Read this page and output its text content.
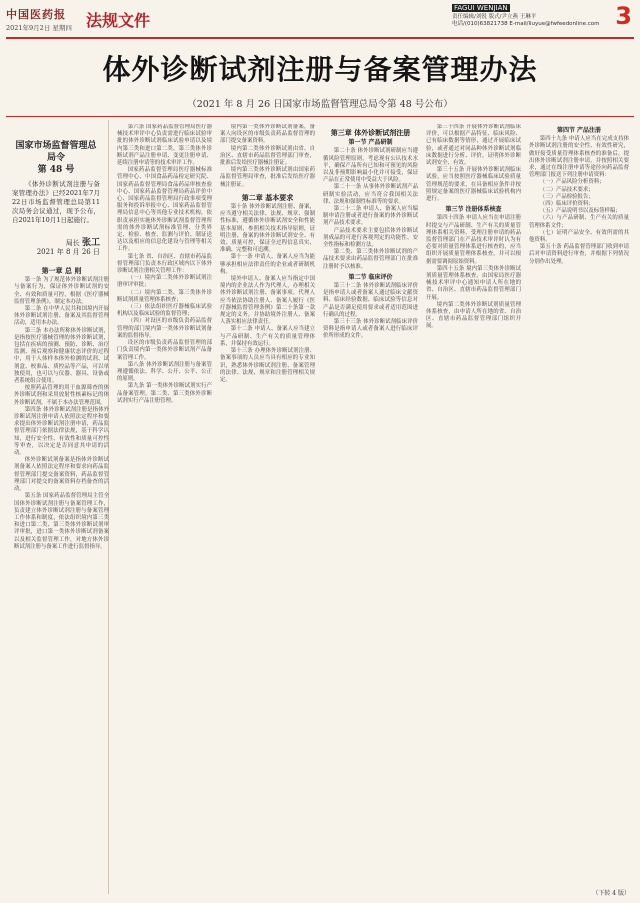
中国医药报
2021年9月2日 星期四 法规文件
FAGUI WENJIAN
责任编辑/刘锐 版式/尹立燕 王琳平
电话/(010)63821738 E-mail/liuyue@fwfeedonline.com 3
体外诊断试剂注册与备案管理办法
（2021 年 8 月 26 日国家市场监督管理总局令第 48 号公布）
国家市场监督管理总局令
第 48 号
《体外诊断试剂注册与备案管理办法》已经2021年7月22日市场监督管理总局第11次局务会议通过，现予公布，自2021年10月1日起施行。
局长 张工
2021 年 8 月 26 日
第一章 总 则

第一条 为了规范体外诊断试剂注册与备案行为，保证体外诊断试剂的安全、有效和质量可控，根据《医疗器械监督管理条例》，制定本办法。

第二条 在中华人民共和国境内开展体外诊断试剂注册、备案及其监督管理活动，适用本办法。

第三条 本办法所称体外诊断试剂，是指按医疗器械管理的体外诊断试剂，包括在疾病的预测、预防、诊断、治疗监测、预后观察和健康状态评价的过程中，用于人体样本体外检测的试剂、试剂盒、校准品、质控品等产品，可以单独使用，也可以与仪器、器具、设备或者系统组合使用。

按照药品管理的用于血源筛查的体外诊断试剂和采用放射性核素标记的体外诊断试剂，不属于本办法管理范围。

第四条 体外诊断试剂注册是指体外诊断试剂注册申请人依照法定程序和要求提出体外诊断试剂注册申请，药品监督管理部门依据法律法规，基于科学认知，进行安全性、有效性和质量可控性等审查，以决定是否同意其申请的活动。

体外诊断试剂备案是指体外诊断试剂备案人依照法定程序和要求向药品监督管理部门提交备案资料，药品监督管理部门对提交的备案资料存档备查的活动。

第五条 国家药品监督管理局主管全国体外诊断试剂注册与备案管理工作，负责建立体外诊断试剂注册与备案管理工作体系和制度，依法组织境内第三类和进口第二类、第三类体外诊断试剂审评审批，进口第一类体外诊断试剂备案以及相关监督管理工作，对地方体外诊断试剂注册与备案工作进行监督指导。

第六条 国家药品监督管理局医疗器械技术审评中心负责需进行临床试验审批的体外诊断试剂临床试验申请以及境内第三类和进口第二类、第三类体外诊断试剂产品注册申请、变更注册申请、延续注册申请等的技术审评工作。

国家药品监督管理局医疗器械标准管理中心、中国食品药品检定研究院、国家药品监督管理局食品药品审核查验中心、国家药品监督管理局药品评价中心、国家药品监督管理局行政事项受理服务和投诉举报中心、国家药品监督管理局信息中心等其他专业技术机构，依职责承担实施体外诊断试剂监督管理所需的体外诊断试剂标准管理、分类界定、检验、核查、监测与评价、制证送达以及相应的信息化建设与管理等相关工作。

第七条 省、自治区、直辖市药品监督管理部门负责本行政区域内以下体外诊断试剂注册相关管理工作：

（一）境内第二类体外诊断试剂注册审评审批；

（二）境内第二类、第三类体外诊断试剂质量管理体系核查；

（三）依法组织医疗器械临床试验机构以及临床试验的监督管理；

（四）对设区的市级负责药品监督管理的部门境内第一类体外诊断试剂备案的监督指导。

设区的市级负责药品监督管理的部门负责境内第一类体外诊断试剂产品备案管理工作。

第八条 体外诊断试剂注册与备案管理遵循依法、科学、公开、公平、公正的原则。

第九条 第一类体外诊断试剂实行产品备案管理。第二类、第三类体外诊断试剂实行产品注册管理。

境内第一类体外诊断试剂备案，备案人向设区的市级负责药品监督管理的部门提交备案资料。

境内第二类体外诊断试剂由省、自治区、直辖市药品监督管理部门审查，批准后发给医疗器械注册证。

境内第三类体外诊断试剂由国家药品监督管理局审查，批准后发给医疗器械注册证。

第二章 基本要求

第十条 体外诊断试剂注册、备案，应当遵守相关法律、法规、规章、强制性标准，遵循体外诊断试剂安全和性能基本原则，参照相关技术指导原则，证明注册、备案的体外诊断试剂安全、有效、质量可控，保证全过程信息真实、准确、完整和可追溯。

第十一条 申请人、备案人应当为能够承担相应法律责任的企业或者研制机构。

境外申请人、备案人应当指定中国境内的企业法人作为代理人，办理相关体外诊断试剂注册、备案事项。代理人应当依法协助注册人、备案人履行《医疗器械监督管理条例》第二十条第一款规定的义务，并协助境外注册人、备案人落实相应法律责任。

第十二条 申请人、备案人应当建立与产品研制、生产有关的质量管理体系，并保持有效运行。

第十三条 办理体外诊断试剂注册、备案事项的人员应当具有相应的专业知识，熟悉体外诊断试剂注册、备案管理的法律、法规、规章和注册管理相关规定。

第三章 体外诊断试剂注册
第一节 产品研制

第二十条 体外诊断试剂研制应当遵循风险管理原则，考虑现有公认技术水平，确保产品所有已知和可预见的风险以及非预期影响最小化并可接受，保证产品在正常使用中受益大于风险。

第二十一条 从事体外诊断试剂产品研制实验活动，应当符合我国相关法律、法规和强制性标准等的要求。

第二十二条 申请人、备案人应当编制申请注册或者进行备案的体外诊断试剂产品技术要求。

产品技术要求主要包括体外诊断试剂成品的可进行客观判定的功能性、安全性指标和检测方法。

第二类、第三类体外诊断试剂的产品技术要求由药品监督管理部门在批准注册时予以核准。

第二节 临床评价

第三十二条 体外诊断试剂临床评价是指申请人或者备案人通过临床文献资料、临床经验数据、临床试验等信息对产品是否满足使用要求或者适用范围进行确认的过程。

第三十三条 体外诊断试剂临床评价资料是指申请人或者备案人进行临床评价所形成的文件。

第三十四条 开展体外诊断试剂临床评价，可以根据产品特征、临床风险、已有临床数据等情形，通过开展临床试验，或者通过对同品种体外诊断试剂临床数据进行分析、评价，证明体外诊断试剂安全、有效。

第三十五条 开展体外诊断试剂临床试验，应当按照医疗器械临床试验质量管理规范的要求，在具备相应条件并按照规定备案的医疗器械临床试验机构内进行。

第三节 注册体系核查

第四十四条 申请人应当在申请注册时提交与产品研制、生产有关的质量管理体系相关资料，受理注册申请的药品监督管理部门在产品技术审评时认为有必要对质量管理体系进行核查的，应当组织开展质量管理体系核查，并可以根据需要调阅原始资料。

第四十五条 境内第三类体外诊断试剂质量管理体系核查，由国家局医疗器械技术审评中心通知申请人所在地的省、自治区、直辖市药品监督管理部门开展。

境内第二类体外诊断试剂质量管理体系核查，由申请人所在地的省、自治区、直辖市药品监督管理部门组织开展。

第四节 产品注册

第四十九条 申请人应当在完成支持体外诊断试剂注册的安全性、有效性研究，做好接受质量管理体系核查的准备后，提出体外诊断试剂注册申请，并按照相关要求，通过在线注册申请等途径向药品监督管理部门报送下列注册申请资料：

（一）产品风险分析资料；

（二）产品技术要求；

（三）产品检验报告；

（四）临床评价资料；

（五）产品说明书以及标签样稿；

（六）与产品研制、生产有关的质量管理体系文件；

（七）证明产品安全、有效所需的其他资料。

第五十条 药品监督管理部门收到申请后对申请资料进行审查，并根据下列情况分别作出处理。

（下转 4 版）
